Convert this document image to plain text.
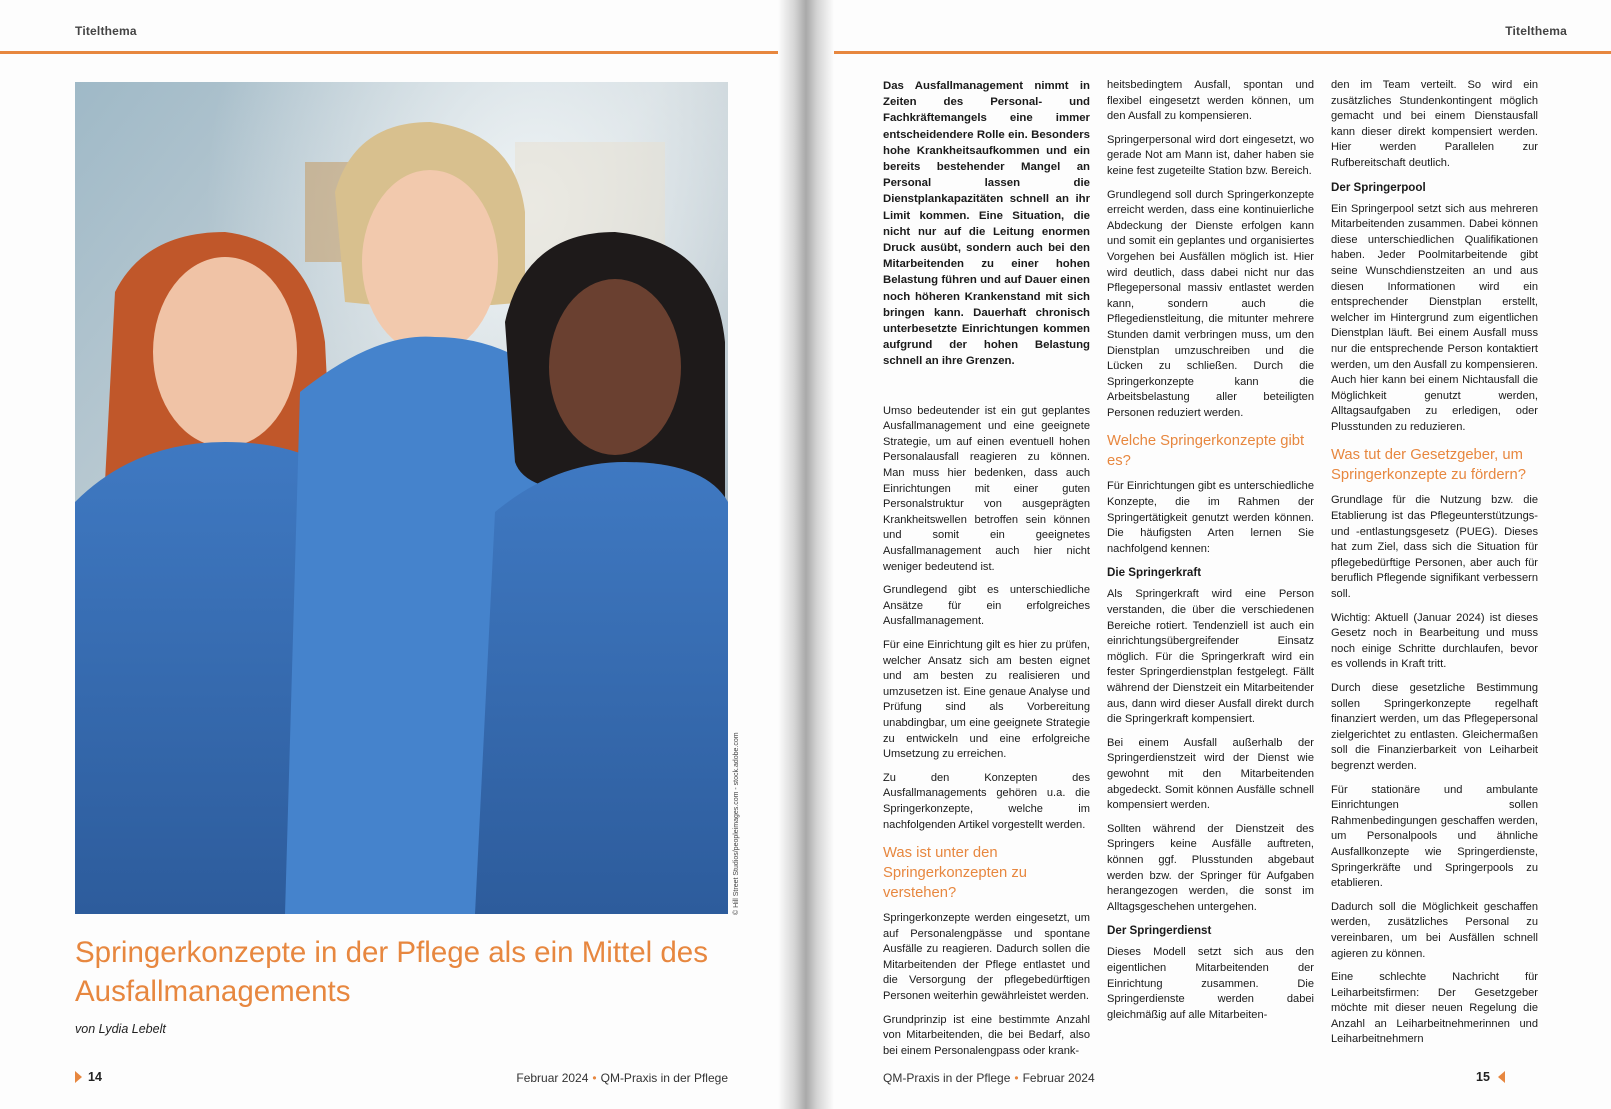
Titelthema
© Hill Street Studios/peopleimages.com - stock.adobe.com
Springerkonzepte in der Pflege als ein Mittel des Ausfallmanagements
von Lydia Lebelt
14	Februar 2024 • QM-Praxis in der Pflege
Titelthema

Das Ausfallmanagement nimmt in Zeiten des Personal- und Fachkräftemangels eine immer entscheidendere Rolle ein. Besonders hohe Krankheitsaufkommen und ein bereits bestehender Mangel an Personal lassen die Dienstplankapazitäten schnell an ihr Limit kommen. Eine Situation, die nicht nur auf die Leitung enormen Druck ausübt, sondern auch bei den Mitarbeitenden zu einer hohen Belastung führen und auf Dauer einen noch höheren Krankenstand mit sich bringen kann. Dauerhaft chronisch unterbesetzte Einrichtungen kommen aufgrund der hohen Belastung schnell an ihre Grenzen.

Umso bedeutender ist ein gut geplantes Ausfallmanagement und eine geeignete Strategie, um auf einen eventuell hohen Personalausfall reagieren zu können. Man muss hier bedenken, dass auch Einrichtungen mit einer guten Personalstruktur von ausgeprägten Krankheitswellen betroffen sein können und somit ein geeignetes Ausfallmanagement auch hier nicht weniger bedeutend ist.

Grundlegend gibt es unterschiedliche Ansätze für ein erfolgreiches Ausfallmanagement.

Für eine Einrichtung gilt es hier zu prüfen, welcher Ansatz sich am besten eignet und am besten zu realisieren und umzusetzen ist. Eine genaue Analyse und Prüfung sind als Vorbereitung unabdingbar, um eine geeignete Strategie zu entwickeln und eine erfolgreiche Umsetzung zu erreichen.

Zu den Konzepten des Ausfallmanagements gehören u.a. die Springerkonzepte, welche im nachfolgenden Artikel vorgestellt werden.

Was ist unter den Springerkonzepten zu verstehen?

Springerkonzepte werden eingesetzt, um auf Personalengpässe und spontane Ausfälle zu reagieren. Dadurch sollen die Mitarbeitenden der Pflege entlastet und die Versorgung der pflegebedürftigen Personen weiterhin gewährleistet werden.

Grundprinzip ist eine bestimmte Anzahl von Mitarbeitenden, die bei Bedarf, also bei einem Personalengpass oder krank-

heitsbedingtem Ausfall, spontan und flexibel eingesetzt werden können, um den Ausfall zu kompensieren.

Springerpersonal wird dort eingesetzt, wo gerade Not am Mann ist, daher haben sie keine fest zugeteilte Station bzw. Bereich.

Grundlegend soll durch Springerkonzepte erreicht werden, dass eine kontinuierliche Abdeckung der Dienste erfolgen kann und somit ein geplantes und organisiertes Vorgehen bei Ausfällen möglich ist. Hier wird deutlich, dass dabei nicht nur das Pflegepersonal massiv entlastet werden kann, sondern auch die Pflegedienstleitung, die mitunter mehrere Stunden damit verbringen muss, um den Dienstplan umzuschreiben und die Lücken zu schließen. Durch die Springerkonzepte kann die Arbeitsbelastung aller beteiligten Personen reduziert werden.

Welche Springerkonzepte gibt es?

Für Einrichtungen gibt es unterschiedliche Konzepte, die im Rahmen der Springertätigkeit genutzt werden können. Die häufigsten Arten lernen Sie nachfolgend kennen:

Die Springerkraft

Als Springerkraft wird eine Person verstanden, die über die verschiedenen Bereiche rotiert. Tendenziell ist auch ein einrichtungsübergreifender Einsatz möglich. Für die Springerkraft wird ein fester Springerdienstplan festgelegt. Fällt während der Dienstzeit ein Mitarbeitender aus, dann wird dieser Ausfall direkt durch die Springerkraft kompensiert.

Bei einem Ausfall außerhalb der Springerdienstzeit wird der Dienst wie gewohnt mit den Mitarbeitenden abgedeckt. Somit können Ausfälle schnell kompensiert werden.

Sollten während der Dienstzeit des Springers keine Ausfälle auftreten, können ggf. Plusstunden abgebaut werden bzw. der Springer für Aufgaben herangezogen werden, die sonst im Alltagsgeschehen untergehen.

Der Springerdienst

Dieses Modell setzt sich aus den eigentlichen Mitarbeitenden der Einrichtung zusammen. Die Springerdienste werden dabei gleichmäßig auf alle Mitarbeiten-

den im Team verteilt. So wird ein zusätzliches Stundenkontingent möglich gemacht und bei einem Dienstausfall kann dieser direkt kompensiert werden. Hier werden Parallelen zur Rufbereitschaft deutlich.

Der Springerpool

Ein Springerpool setzt sich aus mehreren Mitarbeitenden zusammen. Dabei können diese unterschiedlichen Qualifikationen haben. Jeder Poolmitarbeitende gibt seine Wunschdienstzeiten an und aus diesen Informationen wird ein entsprechender Dienstplan erstellt, welcher im Hintergrund zum eigentlichen Dienstplan läuft. Bei einem Ausfall muss nur die entsprechende Person kontaktiert werden, um den Ausfall zu kompensieren. Auch hier kann bei einem Nichtausfall die Möglichkeit genutzt werden, Alltagsaufgaben zu erledigen, oder Plusstunden zu reduzieren.

Was tut der Gesetzgeber, um Springerkonzepte zu fördern?

Grundlage für die Nutzung bzw. die Etablierung ist das Pflegeunterstützungs- und -entlastungsgesetz (PUEG). Dieses hat zum Ziel, dass sich die Situation für pflegebedürftige Personen, aber auch für beruflich Pflegende signifikant verbessern soll.

Wichtig: Aktuell (Januar 2024) ist dieses Gesetz noch in Bearbeitung und muss noch einige Schritte durchlaufen, bevor es vollends in Kraft tritt.

Durch diese gesetzliche Bestimmung sollen Springerkonzepte regelhaft finanziert werden, um das Pflegepersonal zielgerichtet zu entlasten. Gleichermaßen soll die Finanzierbarkeit von Leiharbeit begrenzt werden.

Für stationäre und ambulante Einrichtungen sollen Rahmenbedingungen geschaffen werden, um Personalpools und ähnliche Ausfallkonzepte wie Springerdienste, Springerkräfte und Springerpools zu etablieren.

Dadurch soll die Möglichkeit geschaffen werden, zusätzliches Personal zu vereinbaren, um bei Ausfällen schnell agieren zu können.

Eine schlechte Nachricht für Leiharbeitsfirmen: Der Gesetzgeber möchte mit dieser neuen Regelung die Anzahl an Leiharbeitnehmerinnen und Leiharbeitnehmern

QM-Praxis in der Pflege • Februar 2024	15
